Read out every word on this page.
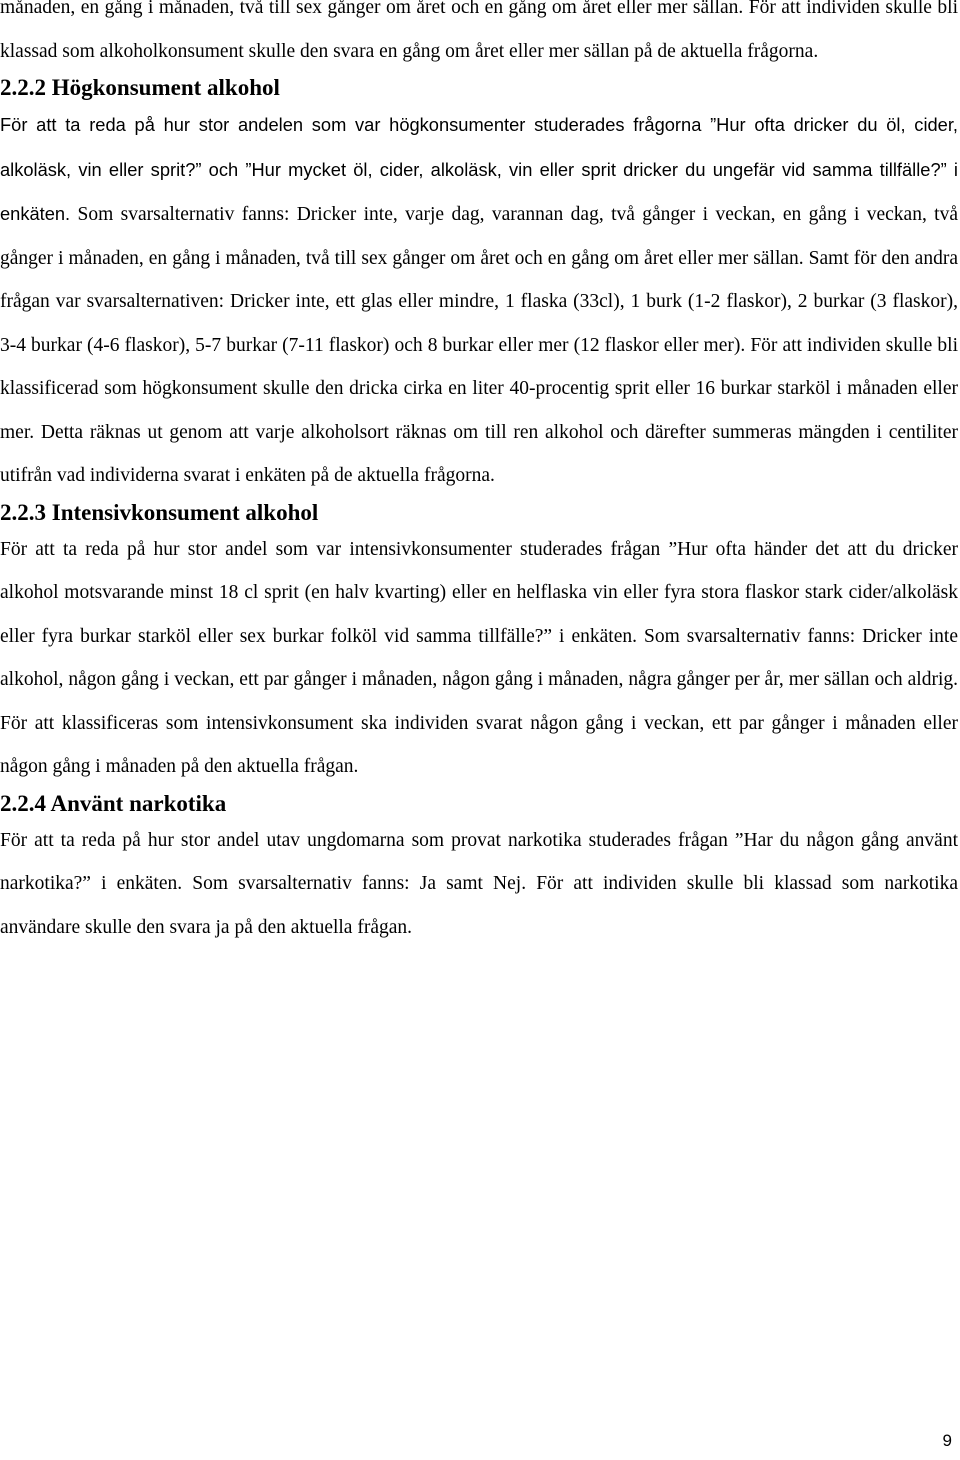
månaden, en gång i månaden, två till sex gånger om året och en gång om året eller mer sällan. För att individen skulle bli klassad som alkoholkonsument skulle den svara en gång om året eller mer sällan på de aktuella frågorna.

2.2.2 Högkonsument alkohol

För att ta reda på hur stor andelen som var högkonsumenter studerades frågorna ”Hur ofta dricker du öl, cider, alkoläsk, vin eller sprit?” och ”Hur mycket öl, cider, alkoläsk, vin eller sprit dricker du ungefär vid samma tillfälle?” i enkäten. Som svarsalternativ fanns: Dricker inte, varje dag, varannan dag, två gånger i veckan, en gång i veckan, två gånger i månaden, en gång i månaden, två till sex gånger om året och en gång om året eller mer sällan. Samt för den andra frågan var svarsalternativen: Dricker inte, ett glas eller mindre, 1 flaska (33cl), 1 burk (1-2 flaskor), 2 burkar (3 flaskor), 3-4 burkar (4-6 flaskor), 5-7 burkar (7-11 flaskor) och 8 burkar eller mer (12 flaskor eller mer). För att individen skulle bli klassificerad som högkonsument skulle den dricka cirka en liter 40-procentig sprit eller 16 burkar starköl i månaden eller mer. Detta räknas ut genom att varje alkoholsort räknas om till ren alkohol och därefter summeras mängden i centiliter utifrån vad individerna svarat i enkäten på de aktuella frågorna.

2.2.3 Intensivkonsument alkohol

För att ta reda på hur stor andel som var intensivkonsumenter studerades frågan ”Hur ofta händer det att du dricker alkohol motsvarande minst 18 cl sprit (en halv kvarting) eller en helflaska vin eller fyra stora flaskor stark cider/alkoläsk eller fyra burkar starköl eller sex burkar folköl vid samma tillfälle?” i enkäten. Som svarsalternativ fanns: Dricker inte alkohol, någon gång i veckan, ett par gånger i månaden, någon gång i månaden, några gånger per år, mer sällan och aldrig. För att klassificeras som intensivkonsument ska individen svarat någon gång i veckan, ett par gånger i månaden eller någon gång i månaden på den aktuella frågan.

2.2.4 Använt narkotika

För att ta reda på hur stor andel utav ungdomarna som provat narkotika studerades frågan ”Har du någon gång använt narkotika?” i enkäten. Som svarsalternativ fanns: Ja samt Nej. För att individen skulle bli klassad som narkotika användare skulle den svara ja på den aktuella frågan.

9
